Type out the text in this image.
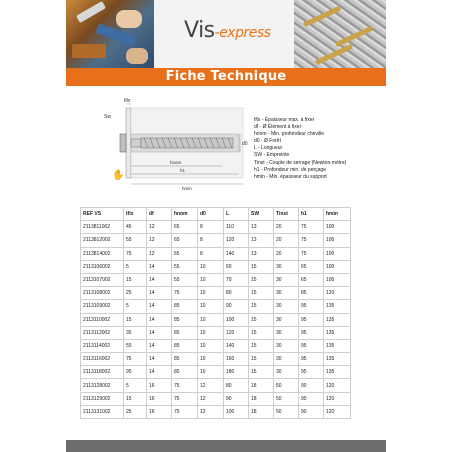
Vis-express
Fiche Technique
✋
tfix
Sw
d0
hnom
h1
hmin
tfix - Épaisseur max. à fixer
df - Ø Élément à fixer
hnom - Min. profondeur cheville
d0 - Ø Forêt
L - Longueur
SW - Empreinte
Tinst - Couple de serrage (Newton-mètre)
h1 - Profondeur min. de perçage
hmin - Min. épaisseur du support
REF VS	tfix	df	hnom	d0	L	SW	Tinst	h1	hmin
2113811002	45	12	65	8	110	13	20	75	100
2113812002	55	12	65	8	120	13	20	75	100
2113814002	75	12	65	8	140	13	20	75	100
2113106002	5	14	55	10	60	15	30	65	100
2113107002	15	14	55	10	70	15	30	65	100
2113108002	25	14	75	10	80	15	30	85	120
2113109002	5	14	85	10	90	15	30	95	135
2113110002	15	14	85	10	100	15	30	95	135
2113112002	35	14	85	10	120	15	30	95	135
2113114002	55	14	85	10	140	15	30	95	135
2113116002	75	14	85	10	160	15	30	95	135
2113118002	95	14	85	10	180	15	30	95	135
2113128002	5	16	75	12	80	18	50	90	120
2113129002	15	16	75	12	90	18	50	90	120
2113131002	25	16	75	12	100	18	50	90	120
